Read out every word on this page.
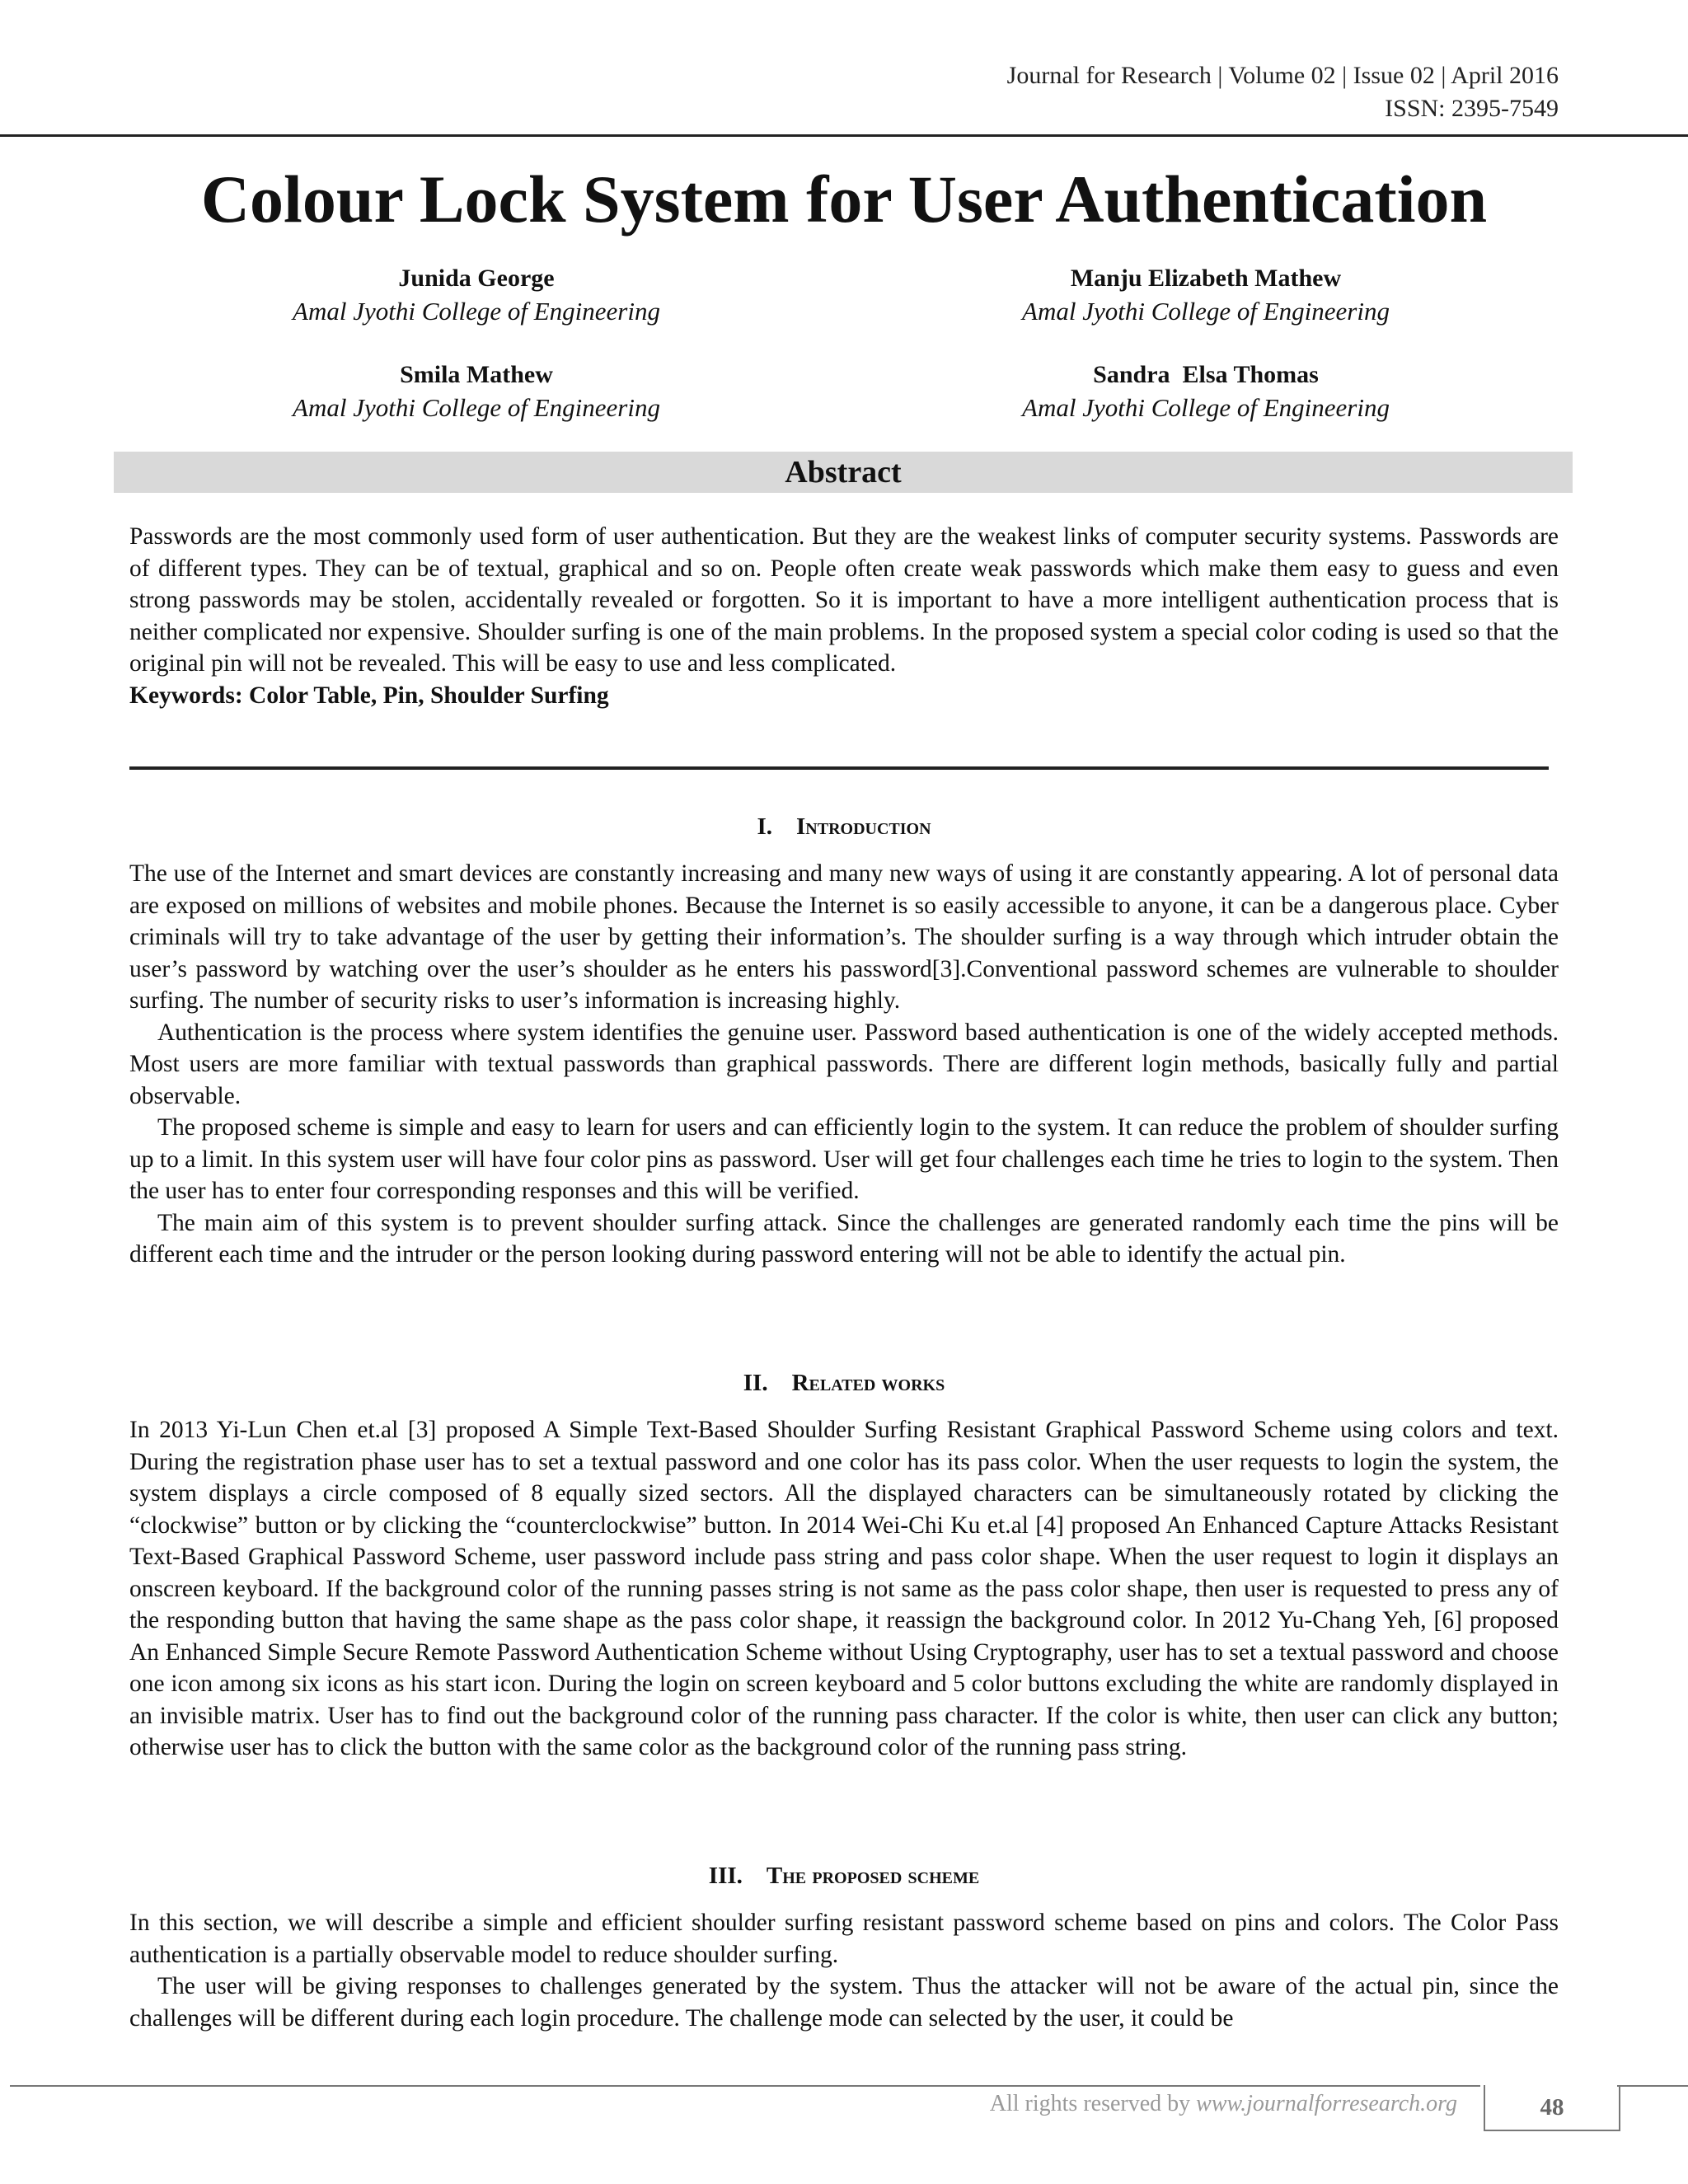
Journal for Research | Volume 02 | Issue 02 | April 2016
ISSN: 2395-7549
Colour Lock System for User Authentication
Junida George
Amal Jyothi College of Engineering
Manju Elizabeth Mathew
Amal Jyothi College of Engineering
Smila Mathew
Amal Jyothi College of Engineering
Sandra  Elsa Thomas
Amal Jyothi College of Engineering
Abstract

Passwords are the most commonly used form of user authentication. But they are the weakest links of computer security systems. Passwords are of different types. They can be of textual, graphical and so on. People often create weak passwords which make them easy to guess and even strong passwords may be stolen, accidentally revealed or forgotten. So it is important to have a more intelligent authentication process that is neither complicated nor expensive. Shoulder surfing is one of the main problems. In the proposed system a special color coding is used so that the original pin will not be revealed. This will be easy to use and less complicated.

Keywords: Color Table, Pin, Shoulder Surfing

I. Introduction

The use of the Internet and smart devices are constantly increasing and many new ways of using it are constantly appearing. A lot of personal data are exposed on millions of websites and mobile phones. Because the Internet is so easily accessible to anyone, it can be a dangerous place. Cyber criminals will try to take advantage of the user by getting their information’s. The shoulder surfing is a way through which intruder obtain the user’s password by watching over the user’s shoulder as he enters his password[3].Conventional password schemes are vulnerable to shoulder surfing. The number of security risks to user’s information is increasing highly.

Authentication is the process where system identifies the genuine user. Password based authentication is one of the widely accepted methods. Most users are more familiar with textual passwords than graphical passwords. There are different login methods, basically fully and partial observable.

The proposed scheme is simple and easy to learn for users and can efficiently login to the system. It can reduce the problem of shoulder surfing up to a limit. In this system user will have four color pins as password. User will get four challenges each time he tries to login to the system. Then the user has to enter four corresponding responses and this will be verified.

The main aim of this system is to prevent shoulder surfing attack. Since the challenges are generated randomly each time the pins will be different each time and the intruder or the person looking during password entering will not be able to identify the actual pin.

II. Related works

In 2013 Yi-Lun Chen et.al [3] proposed A Simple Text-Based Shoulder Surfing Resistant Graphical Password Scheme using colors and text. During the registration phase user has to set a textual password and one color has its pass color. When the user requests to login the system, the system displays a circle composed of 8 equally sized sectors. All the displayed characters can be simultaneously rotated by clicking the “clockwise” button or by clicking the “counterclockwise” button. In 2014 Wei-Chi Ku et.al [4] proposed An Enhanced Capture Attacks Resistant Text-Based Graphical Password Scheme, user password include pass string and pass color shape. When the user request to login it displays an onscreen keyboard. If the background color of the running passes string is not same as the pass color shape, then user is requested to press any of the responding button that having the same shape as the pass color shape, it reassign the background color. In 2012 Yu-Chang Yeh, [6] proposed An Enhanced Simple Secure Remote Password Authentication Scheme without Using Cryptography, user has to set a textual password and choose one icon among six icons as his start icon. During the login on screen keyboard and 5 color buttons excluding the white are randomly displayed in an invisible matrix. User has to find out the background color of the running pass character. If the color is white, then user can click any button; otherwise user has to click the button with the same color as the background color of the running pass string.

III. The proposed scheme

In this section, we will describe a simple and efficient shoulder surfing resistant password scheme based on pins and colors. The Color Pass authentication is a partially observable model to reduce shoulder surfing.

The user will be giving responses to challenges generated by the system. Thus the attacker will not be aware of the actual pin, since the challenges will be different during each login procedure. The challenge mode can selected by the user, it could be

All rights reserved by www.journalforresearch.org	48
